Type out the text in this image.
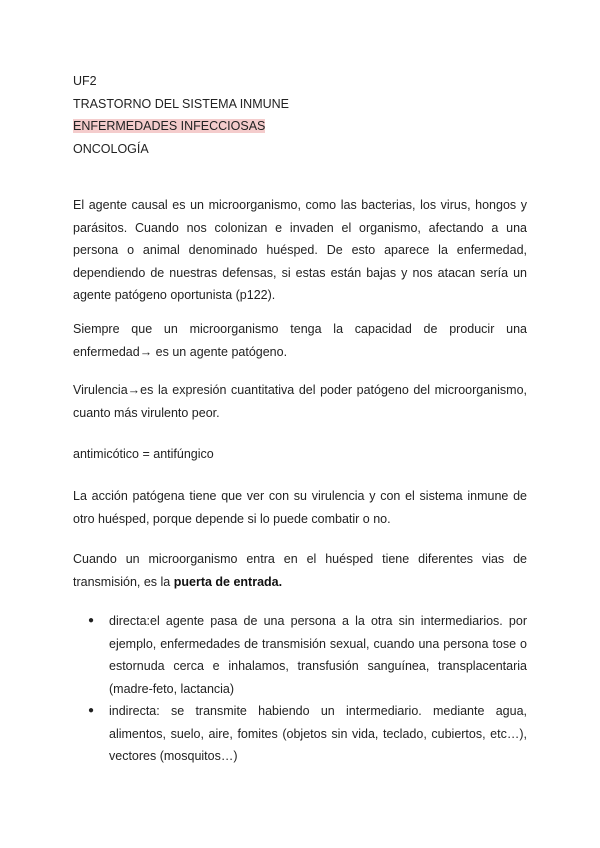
UF2
TRASTORNO DEL SISTEMA INMUNE
ENFERMEDADES INFECCIOSAS
ONCOLOGÍA
El agente causal es un microorganismo, como las bacterias, los virus, hongos y parásitos. Cuando nos colonizan e invaden el organismo, afectando a una persona o animal denominado huésped. De esto aparece la enfermedad, dependiendo de nuestras defensas, si estas están bajas y nos atacan sería un agente patógeno oportunista (p122).
Siempre que un microorganismo tenga la capacidad de producir una enfermedad→ es un agente patógeno.
Virulencia→es la expresión cuantitativa del poder patógeno del microorganismo, cuanto más virulento peor.
antimicótico = antifúngico
La acción patógena tiene que ver con su virulencia y con el sistema inmune de otro huésped, porque depende si lo puede combatir o no.
Cuando un microorganismo entra en el huésped tiene diferentes vias de transmisión, es la puerta de entrada.
● directa:el agente pasa de una persona a la otra sin intermediarios. por ejemplo, enfermedades de transmisión sexual, cuando una persona tose o estornuda cerca e inhalamos, transfusión sanguínea, transplacentaria (madre-feto, lactancia)
● indirecta: se transmite habiendo un intermediario. mediante agua, alimentos, suelo, aire, fomites (objetos sin vida, teclado, cubiertos, etc…), vectores (mosquitos…)
